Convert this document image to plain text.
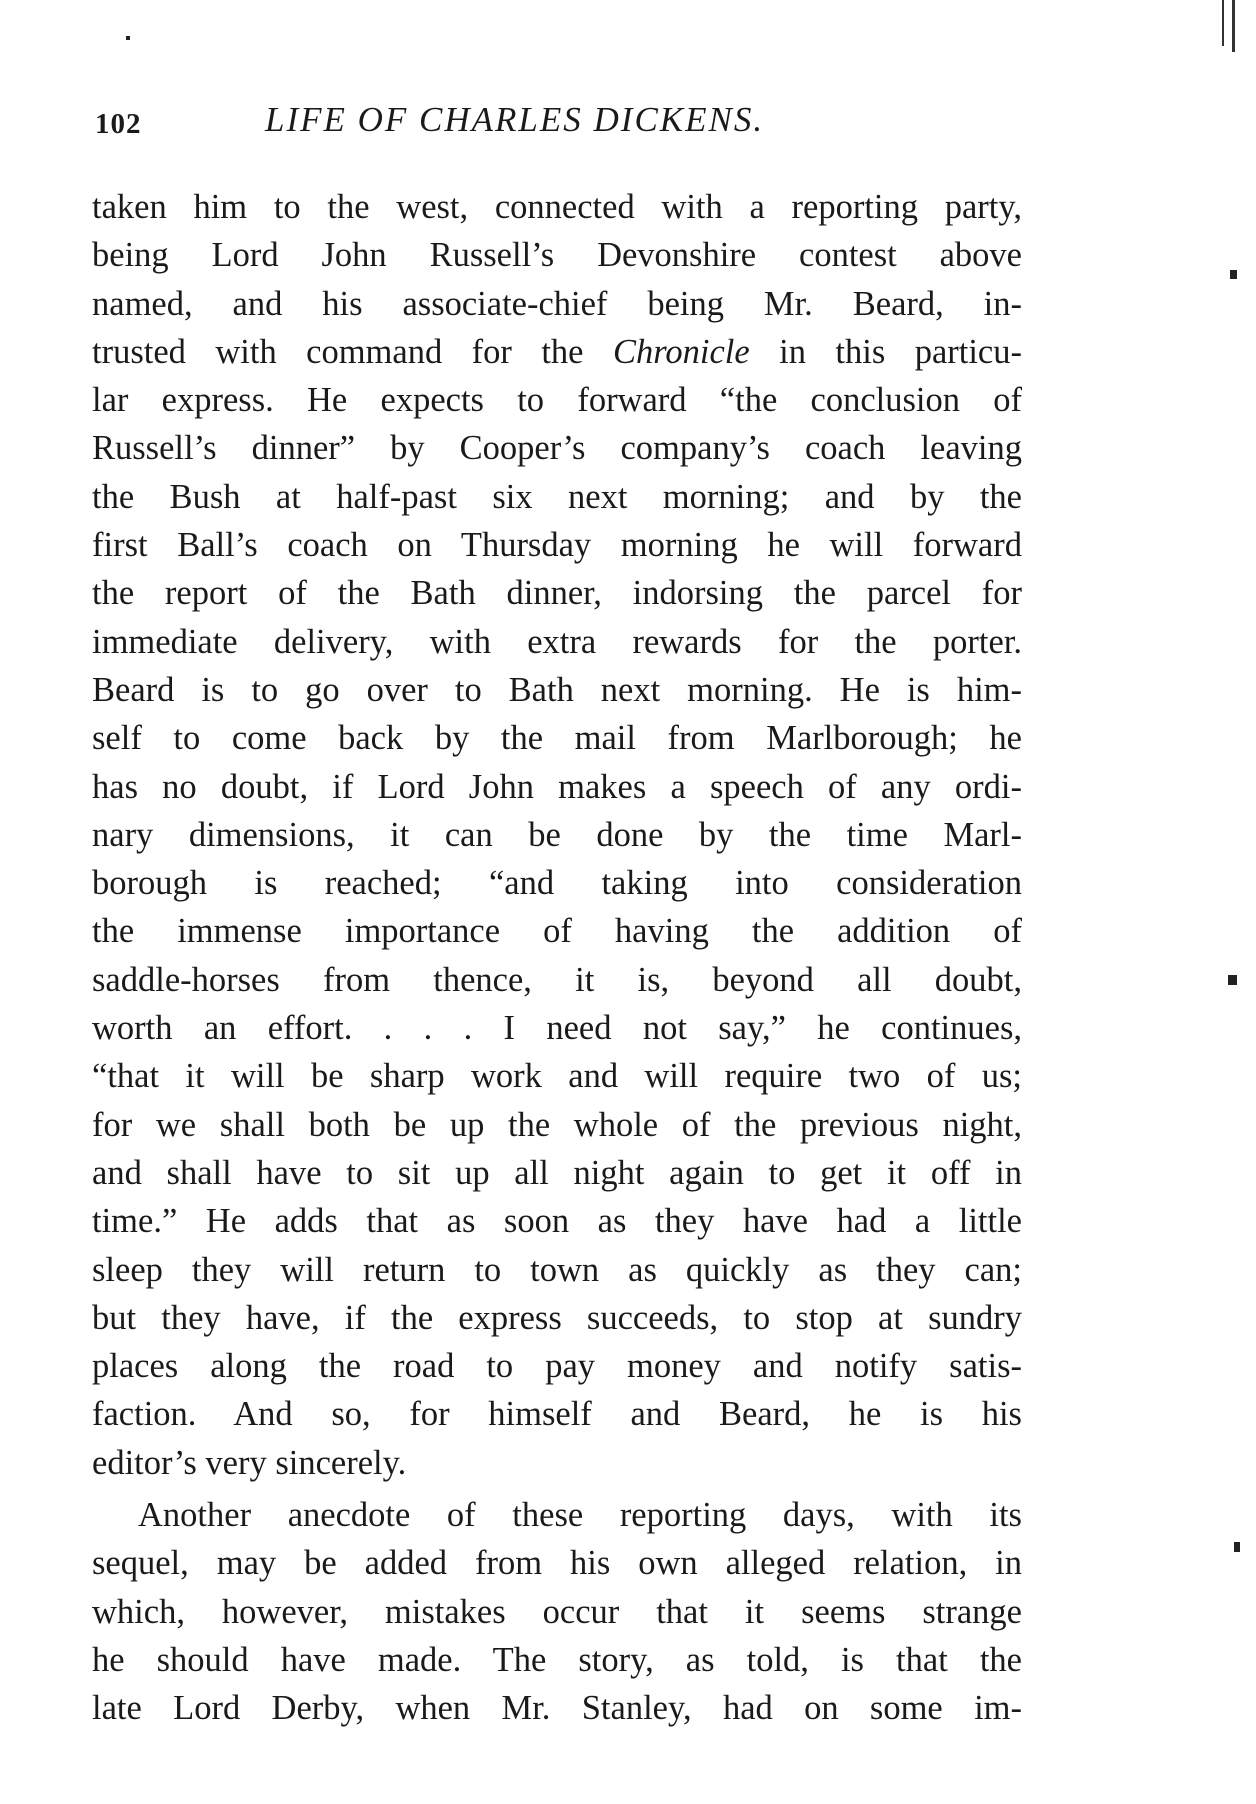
102	LIFE OF CHARLES DICKENS.
taken him to the west, connected with a reporting party,
being Lord John Russell’s Devonshire contest above
named, and his associate-chief being Mr. Beard, in-
trusted with command for the Chronicle in this particu-
lar express. He expects to forward “the conclusion of
Russell’s dinner” by Cooper’s company’s coach leaving
the Bush at half-past six next morning; and by the
first Ball’s coach on Thursday morning he will forward
the report of the Bath dinner, indorsing the parcel for
immediate delivery, with extra rewards for the porter.
Beard is to go over to Bath next morning. He is him-
self to come back by the mail from Marlborough; he
has no doubt, if Lord John makes a speech of any ordi-
nary dimensions, it can be done by the time Marl-
borough is reached; “and taking into consideration
the immense importance of having the addition of
saddle-horses from thence, it is, beyond all doubt,
worth an effort. . . . I need not say,” he continues,
“that it will be sharp work and will require two of us;
for we shall both be up the whole of the previous night,
and shall have to sit up all night again to get it off in
time.” He adds that as soon as they have had a little
sleep they will return to town as quickly as they can;
but they have, if the express succeeds, to stop at sundry
places along the road to pay money and notify satis-
faction. And so, for himself and Beard, he is his
editor’s very sincerely.
Another anecdote of these reporting days, with its
sequel, may be added from his own alleged relation, in
which, however, mistakes occur that it seems strange
he should have made. The story, as told, is that the
late Lord Derby, when Mr. Stanley, had on some im-
